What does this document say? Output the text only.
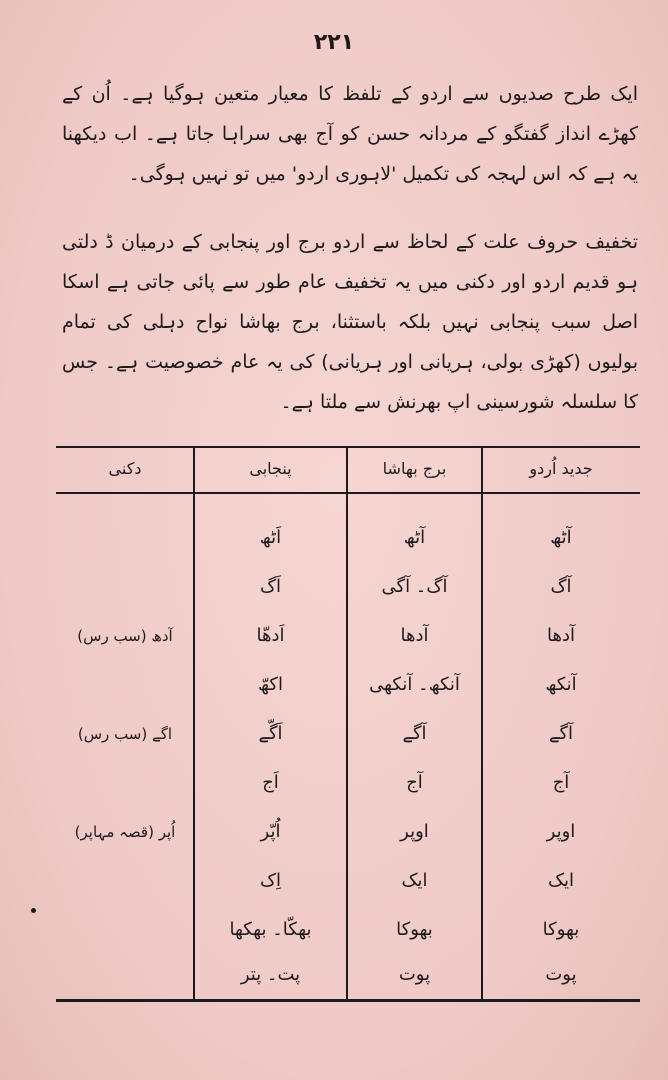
۲۲۱

ایک طرح صدیوں سے اردو کے تلفظ کا معیار متعین ہوگیا ہے۔ اُن کے کھڑے انداز گفتگو کے مردانہ حسن کو آج بھی سراہا جاتا ہے۔ اب دیکھنا یہ ہے کہ اس لہجہ کی تکمیل 'لاہوری اردو' میں تو نہیں ہوگی۔

تخفیف حروف علت کے لحاظ سے اردو برج اور پنجابی کے درمیان ڈ دلتی ہو قدیم اردو اور دکنی میں یہ تخفیف عام طور سے پائی جاتی ہے اسکا اصل سبب پنجابی نہیں بلکہ باستثنا، برج بھاشا نواح دہلی کی تمام بولیوں (کھڑی بولی، ہریانی اور ہریانی) کی یہ عام خصوصیت ہے۔ جس کا سلسلہ شورسینی اپ بھرنش سے ملتا ہے۔

جدید اُردو
برج بھاشا
پنجابی
دکنی
آٹھ
آٹھ
اَٹھ
آگ
آگ۔ آگی
اَگ
آدھا
آدھا
اَدھّا
آدھ (سب رس)
آنکھ
آنکھ۔ آنکھی
اکھّ
آگے
آگے
اَگّے
اگے (سب رس)
آج
آج
اَج
اوپر
اوپر
اُپّر
اُپر (قصہ مہاپر)
ایک
ایک
اِک
بھوکا
بھوکا
بھکّا۔ بھکھا
پوت
پوت
پت۔ پتر
